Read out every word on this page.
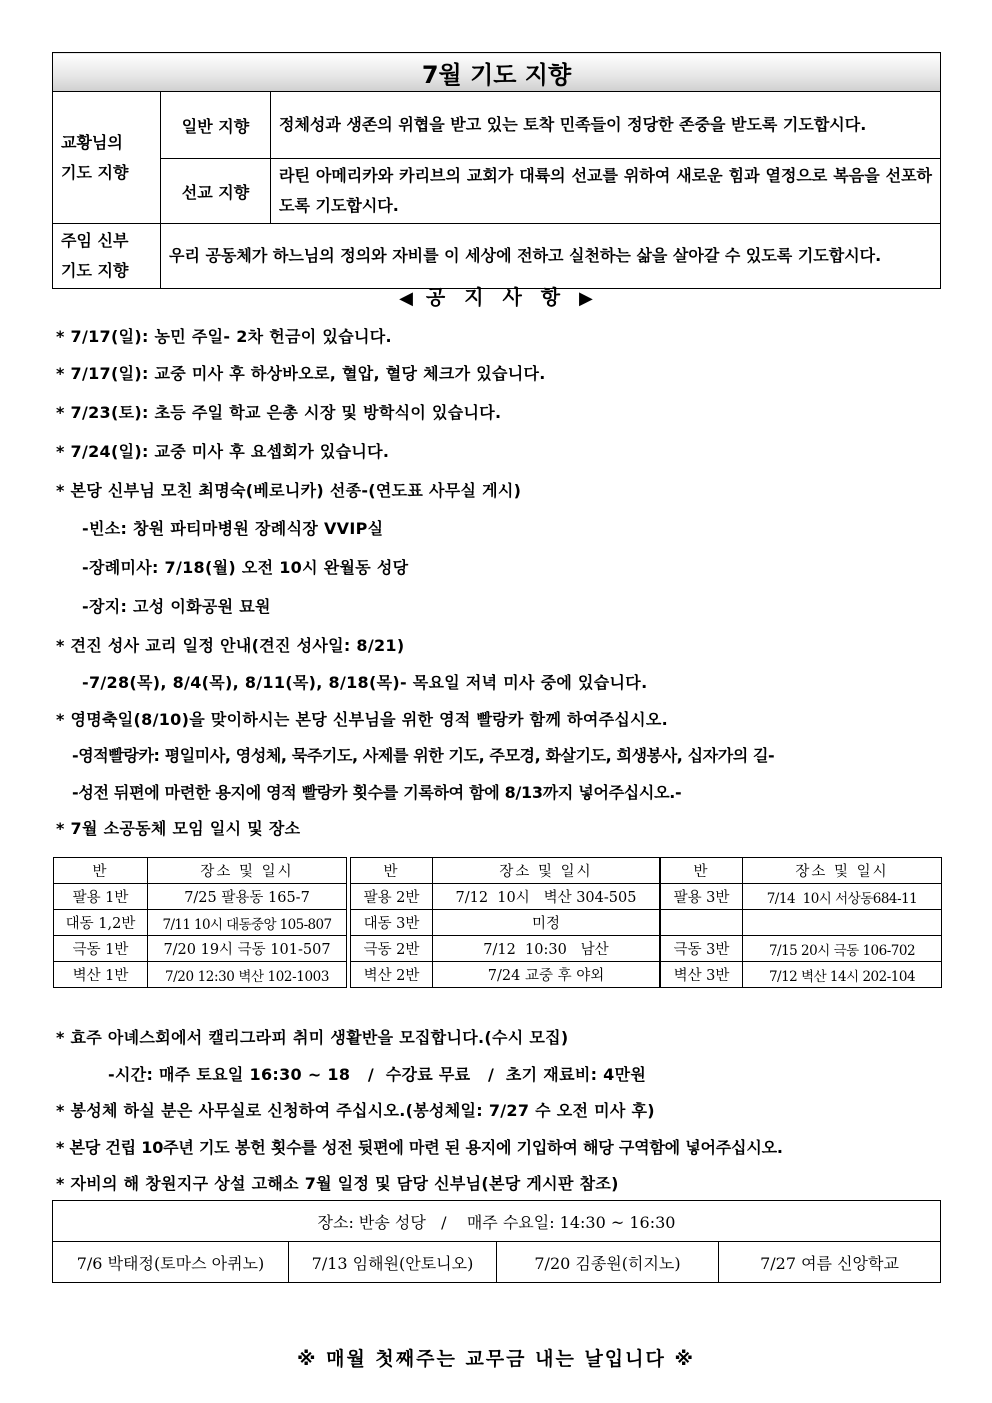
7월 기도 지향		

교황님의
기도 지향	일반 지향	정체성과 생존의 위협을 받고 있는 토착 민족들이 정당한 존중을 받도록 기도합시다.
	선교 지향	라틴 아메리카와 카리브의 교회가 대륙의 선교를 위하여 새로운 힘과 열정으로 복음을 선포하도록 기도합시다.

주임 신부
기도 지향	우리 공동체가 하느님의 정의와 자비를 이 세상에 전하고 실천하는 삶을 살아갈 수 있도록 기도합시다.	
◀ 공 지 사 항 ▶
* 7/17(일): 농민 주일- 2차 헌금이 있습니다.
* 7/17(일): 교중 미사 후 하상바오로, 혈압, 혈당 체크가 있습니다.
* 7/23(토): 초등 주일 학교 은총 시장 및 방학식이 있습니다.
* 7/24(일): 교중 미사 후 요셉회가 있습니다.
* 본당 신부님 모친 최명숙(베로니카) 선종-(연도표 사무실 게시)
-빈소: 창원 파티마병원 장례식장 VVIP실
-장례미사: 7/18(월) 오전 10시 완월동 성당
-장지: 고성 이화공원 묘원
* 견진 성사 교리 일정 안내(견진 성사일: 8/21)
-7/28(목), 8/4(목), 8/11(목), 8/18(목)- 목요일 저녁 미사 중에 있습니다.
* 영명축일(8/10)을 맞이하시는 본당 신부님을 위한 영적 빨랑카 함께 하여주십시오.
-영적빨랑카: 평일미사, 영성체, 묵주기도, 사제를 위한 기도, 주모경, 화살기도, 희생봉사, 십자가의 길-
-성전 뒤편에 마련한 용지에 영적 빨랑카 횟수를 기록하여 함에 8/13까지 넣어주십시오.-
* 7월 소공동체 모임 일시 및 장소
반	장소 및 일시
팔용 1반	7/25 팔용동 165-7
대동 1,2반	7/11 10시 대동중앙 105-807
극동 1반	7/20 19시 극동 101-507
벽산 1반	7/20 12:30 벽산 102-1003
반	장소 및 일시
팔용 2반	7/12  10시   벽산 304-505
대동 3반	미정
극동 2반	7/12  10:30   남산
벽산 2반	7/24 교중 후 야외
반	장소 및 일시
팔용 3반	7/14  10시 서상동684-11

극동 3반	7/15 20시 극동 106-702
벽산 3반	7/12 벽산 14시 202-104
* 효주 아녜스회에서 캘리그라피 취미 생활반을 모집합니다.(수시 모집)
-시간: 매주 토요일 16:30 ~ 18   /  수강료 무료   /  초기 재료비: 4만원
* 봉성체 하실 분은 사무실로 신청하여 주십시오.(봉성체일: 7/27 수 오전 미사 후)
* 본당 건립 10주년 기도 봉헌 횟수를 성전 뒷편에 마련 된 용지에 기입하여 해당 구역함에 넣어주십시오.
* 자비의 해 창원지구 상설 고해소 7월 일정 및 담당 신부님(본당 게시판 참조)
장소: 반송 성당   /    매주 수요일: 14:30 ~ 16:30
7/6 박태정(토마스 아퀴노)	7/13 임해원(안토니오)	7/20 김종원(히지노)	7/27 여름 신앙학교
※ 매월 첫째주는 교무금 내는 날입니다 ※
